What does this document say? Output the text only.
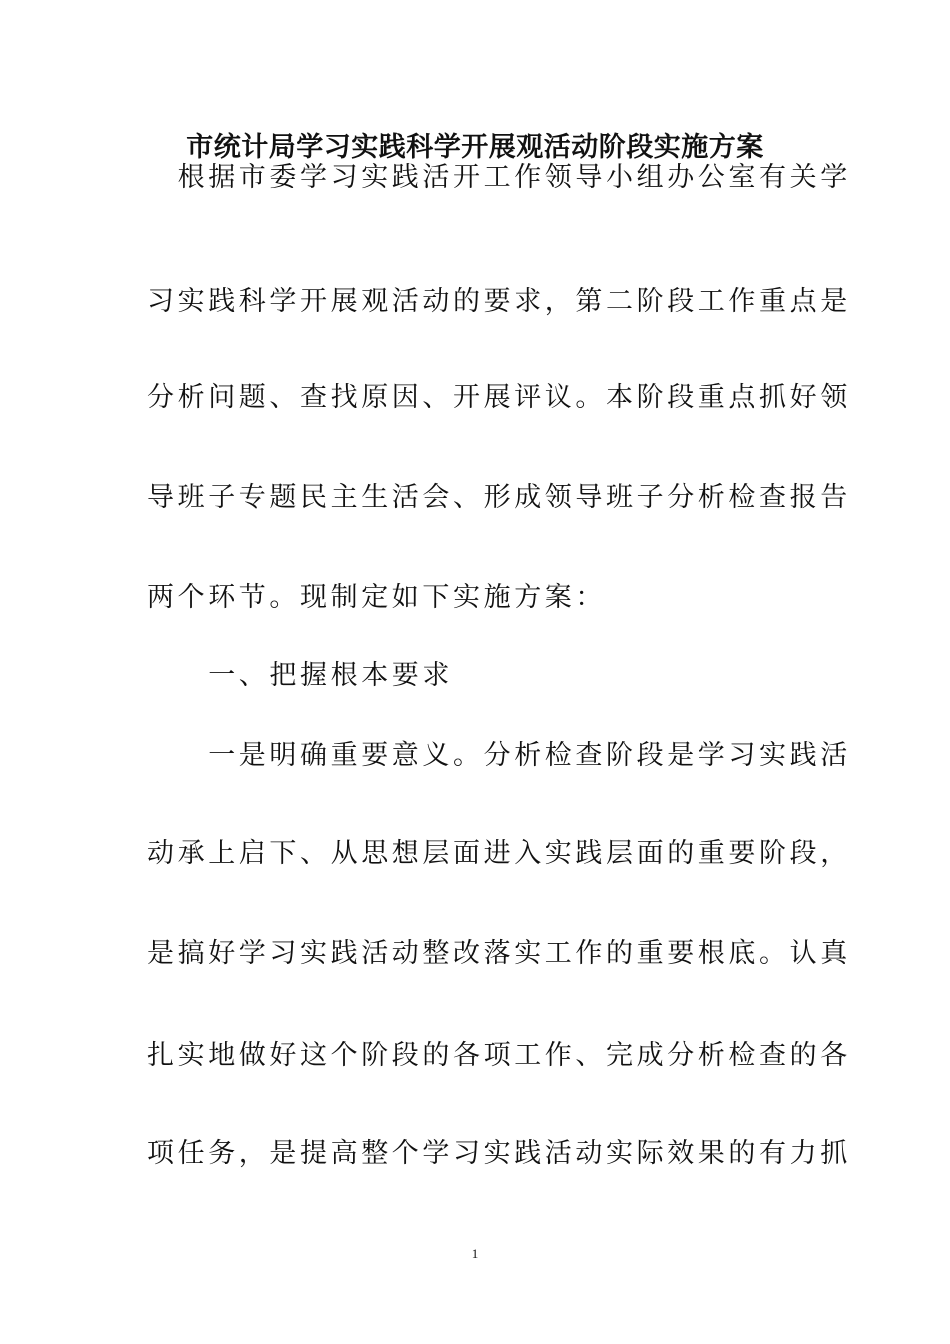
市统计局学习实践科学开展观活动阶段实施方案
　根据市委学习实践活开工作领导小组办公室有关学
习实践科学开展观活动的要求，第二阶段工作重点是
分析问题、查找原因、开展评议。本阶段重点抓好领
导班子专题民主生活会、形成领导班子分析检查报告
两个环节。现制定如下实施方案：
　　一、把握根本要求
　　一是明确重要意义。分析检查阶段是学习实践活
动承上启下、从思想层面进入实践层面的重要阶段，
是搞好学习实践活动整改落实工作的重要根底。认真
扎实地做好这个阶段的各项工作、完成分析检查的各
项任务，是提高整个学习实践活动实际效果的有力抓
1
